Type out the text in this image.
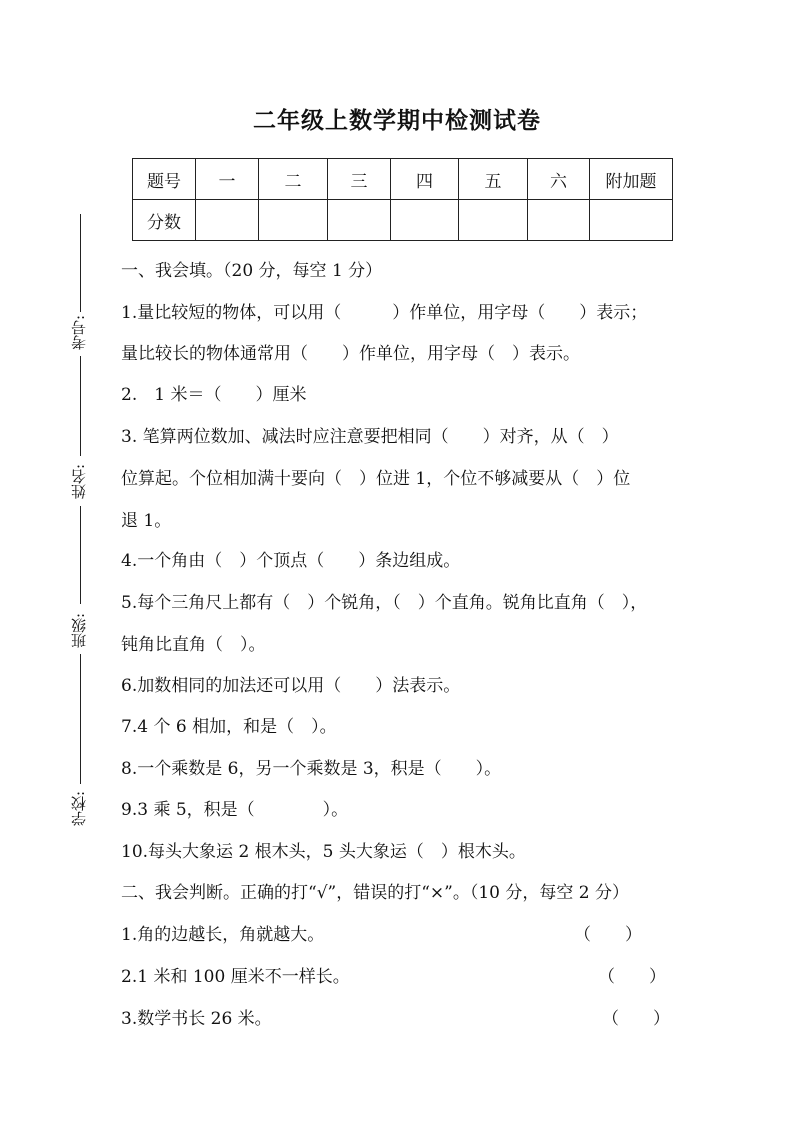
二年级上数学期中检测试卷
题号	一	二	三	四	五	六	附加题
分数							
考号:
姓名:
班级:
学校:
一、我会填。（20 分，每空 1 分）
1.量比较短的物体，可以用（　　　）作单位，用字母（　　）表示；
量比较长的物体通常用（　　）作单位，用字母（　）表示。
2.　1 米＝（　　）厘米
3. 笔算两位数加、减法时应注意要把相同（　　）对齐，从（　）
位算起。个位相加满十要向（　）位进 1，个位不够减要从（　）位
退 1。
4.一个角由（　）个顶点（　　）条边组成。
5.每个三角尺上都有（　）个锐角，（　）个直角。锐角比直角（　），
钝角比直角（　）。
6.加数相同的加法还可以用（　　）法表示。
7.4 个 6 相加，和是（　）。
8.一个乘数是 6，另一个乘数是 3，积是（　　）。
9.3 乘 5，积是（　　　　）。
10.每头大象运 2 根木头，5 头大象运（　）根木头。
二、我会判断。正确的打“√”，错误的打“×”。（10 分，每空 2 分）
1.角的边越长，角就越大。	（　　）
2.1 米和 100 厘米不一样长。	（　　）
3.数学书长 26 米。	（　　）
